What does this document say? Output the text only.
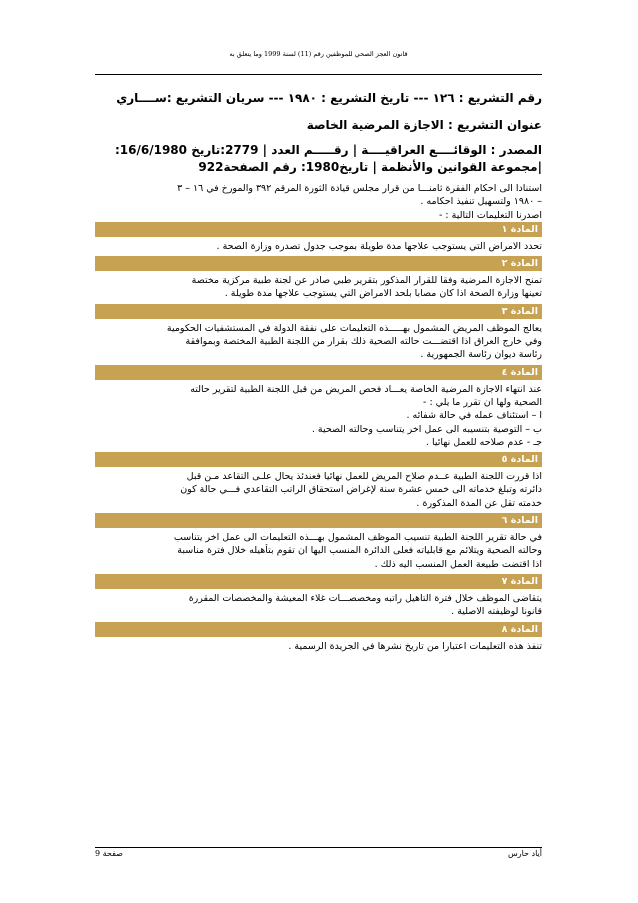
قانون العجز الصحي للموظفين رقم (11) لسنة 1999 وما يتعلق به
رقم التشريع : ١٢٦ --- تاريخ التشريع : ١٩٨٠ --- سريان التشريع :ســــاري
عنوان التشريع : الاجازة المرضية الخاصة
المصدر : الوقائــــع العراقيــــة | رقـــــم العدد | 2779:تاريخ 16/6/1980:
|مجموعة القوانين والأنظمة | تاريخ1980: رقم الصفحة922
استنادا الى احكام الفقرة ثامنـــا من قرار مجلس قيادة الثورة المرقم ٣٩٢ والمورخ في ١٦ – ٣
– ١٩٨٠ ولتسهيل تنفيذ احكامه .
اصدرنا التعليمات التالية : -
المادة ١
تحدد الامراض التي يستوجب علاجها مدة طويلة بموجب جدول تصدره وزارة الصحة .
المادة ٢
تمنح الاجازة المرضية وفقا للقرار المذكور بتقرير طبي صادر عن لجنة طبية مركزية مختصة
تعينها وزارة الصحة اذا كان مصابا بلحد الامراض التي يستوجب علاجها مدة طويلة .
المادة ٣
يعالج الموظف المريض المشمول بهـــــذه التعليمات على نفقة الدولة في المستشفيات الحكومية
وفي خارج العراق اذا اقتضـــت حالته الصحية ذلك بقرار من اللجنة الطبية المختصة وبموافقة
رئاسة ديوان رئاسة الجمهورية .
المادة ٤
عند انتهاء الاجازة المرضية الخاصة يعـــاد فحص المريض من قبل اللجنة الطبية لتقرير حالته
الصحية ولها ان تقرر ما يلي : -
ا – استئناف عمله في حالة شفائه .
ب – التوصية بتنسيبه الى عمل اخر يتناسب وحالته الصحية .
جـ - عدم صلاحه للعمل نهائيا .
المادة ٥
اذا قررت اللجنة الطبية عــدم صلاح المريض للعمل نهائيا فعندئذ يحال علـى التقاعد مـن قبل
دائرته وتبلغ خدماته الى خمس عشرة سنة لإغراض استحقاق الراتب التقاعدي فـــي حالة كون
خدمته تقل عن المدة المذكورة .
المادة ٦
في حالة تقرير اللجنة الطبية تنسيب الموظف المشمول بهـــذه التعليمات الى عمل اخر يتناسب
وحالته الصحية ويتلائم مع قابلياته فعلى الدائرة المنسب اليها ان تقوم بتأهيله خلال فترة مناسبة
اذا اقتضت طبيعة العمل المنسب اليه ذلك .
المادة ٧
يتقاضى الموظف خلال فترة التاهيل راتبه ومخصصـــات غلاء المعيشة والمخصصات المقررة
قانونا لوظيفته الاصلية .
المادة ٨
تنفذ هذه التعليمات اعتبارا من تاريخ نشرها في الجريدة الرسمية .
أياد حارس
صفحة 9
